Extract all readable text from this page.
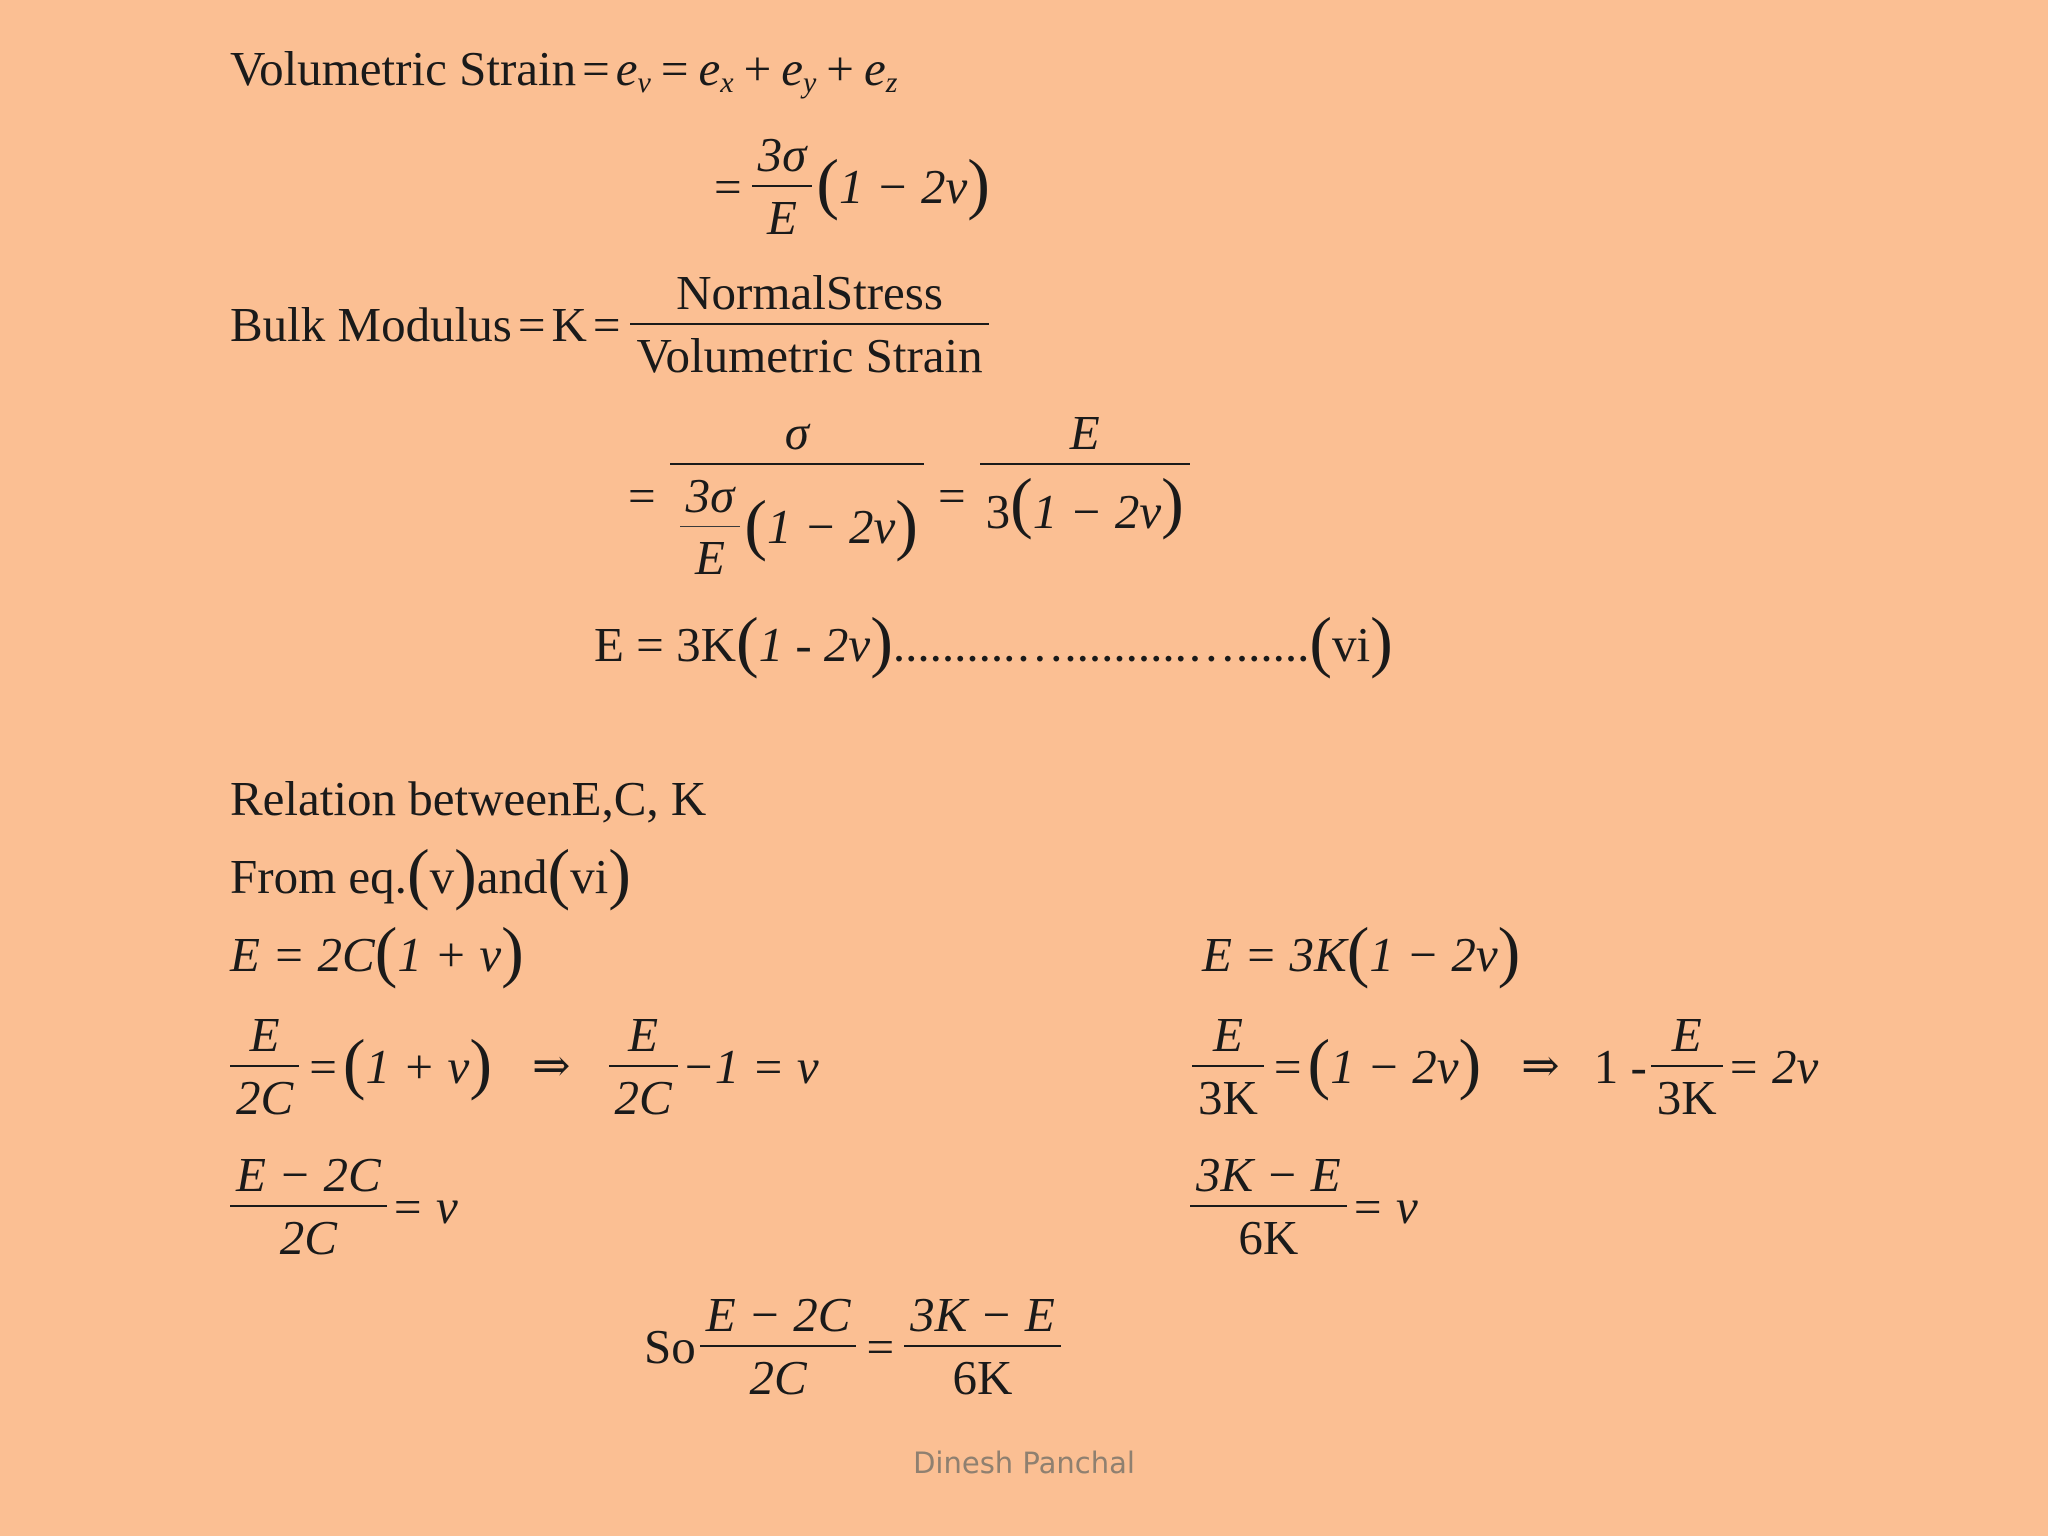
Volumetric Strain = e v = e x + e y + e z
= $\frac{3\sigma}{E}$ ( 1 − 2v )
Bulk Modulus = $K = \frac{\text{NormalStress}}{\text{Volumetric Strain}}$
= $\frac{\sigma}{\frac{3\sigma}{E} ( 1 - 2v )} = \frac{E}{3(1 - 2v)}$
E = 3K ( 1 - 2v ) ..........…..........…...... ( vi )
Relation betweenE,C, K
From eq. ( v ) and ( vi )
E = 2C ( 1 + v )
$\frac{E}{2C}$ = ( 1 + v ) ⇒ $\frac{E}{2C} -1 = v$
$\frac{E - 2C}{2C} = v$
E = 3K ( 1 − 2v )
$\frac{E}{3K}$ = ( 1 − 2v ) ⇒ $1 - \frac{E}{3K} = 2v$
$\frac{3K - E}{6K} = v$
So $\frac{E - 2C}{2C} = \frac{3K - E}{6K}$
Dinesh Panchal
